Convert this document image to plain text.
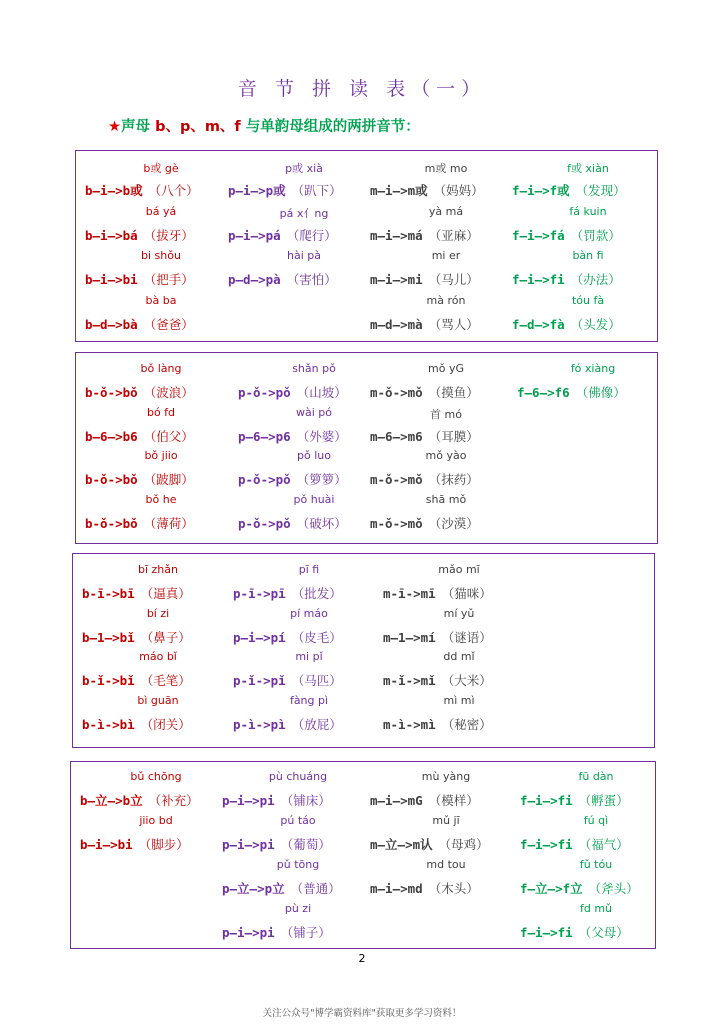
音 节 拼 读 表（一）
★声母 b、p、m、f 与单韵母组成的两拼音节：
b或 gè
b—i—>b或 （八个）
bá yá
b—i—>bá （拔牙）
bi shǒu
b—i—>bi （把手）
bà ba
b—d—>bà （爸爸）
p或 xià
p—i—>p或 （趴下）
pá x亻ng
p—i—>pá （爬行）
hài pà
p—d—>pà （害怕）
m或 mo
m—i—>m或 （妈妈）
yà má
m—i—>má （亚麻）
mi er
m—i—>mi （马儿）
mà rón
m—d—>mà （骂人）
f或 xiàn
f—i—>f或 （发现）
fá kuin
f—i—>fá （罚款）
bàn fi
f—i—>fi （办法）
tóu fà
f—d—>fà （头发）
bǒ làng
b-ǒ->bǒ （波浪）
bó fd
b—6—>b6 （伯父）
bǒ jiio
b-ǒ->bǒ （跛脚）
bǒ he
b-ǒ->bǒ （薄荷）
shǎn pǒ
p-ǒ->pǒ （山坡）
wài pó
p—6—>p6 （外婆）
pǒ luo
p-ǒ->pǒ （箩箩）
pǒ huài
p-ǒ->pǒ （破坏）
mǒ yG
m-ǒ->mǒ （摸鱼）
首 mó
m—6—>m6 （耳膜）
mǒ yào
m-ǒ->mǒ （抹药）
shā mǒ
m-ǒ->mǒ （沙漠）
fó xiàng
f—6—>f6 （佛像）
bī zhǎn
b-ī->bī （逼真）
bí zi
b—1—>bǐ （鼻子）
máo bǐ
b-ǐ->bǐ （毛笔）
bì guān
b-ì->bì （闭关）
pī fi
p-ī->pī （批发）
pí máo
p—i—>pí （皮毛）
mi pǐ
p-ǐ->pǐ （马匹）
fàng pì
p-ì->pì （放屁）
mǎo mī
m-ī->mī （猫咪）
mí yǔ
m—1—>mí （谜语）
dd mǐ
m-ǐ->mǐ （大米）
mì mì
m-ì->mì （秘密）
bǔ chōng
b—立—>b立 （补充）
jiio bd
b—i—>bi （脚步）
pù chuáng
p—i—>pi （铺床）
pú táo
p—i—>pi （葡萄）
pǔ tōng
p—立—>p立 （普通）
pù zi
p—i—>pi （铺子）
mù yàng
m—i—>mG （模样）
mǔ jī
m—立—>m认 （母鸡）
md tou
m—i—>md （木头）
fū dàn
f—i—>fi （孵蛋）
fú qì
f—i—>fi （福气）
fǔ tóu
f—立—>f立 （斧头）
fd mǔ
f—i—>fi （父母）
2
关注公众号"博学霸资料库"获取更多学习资料！
